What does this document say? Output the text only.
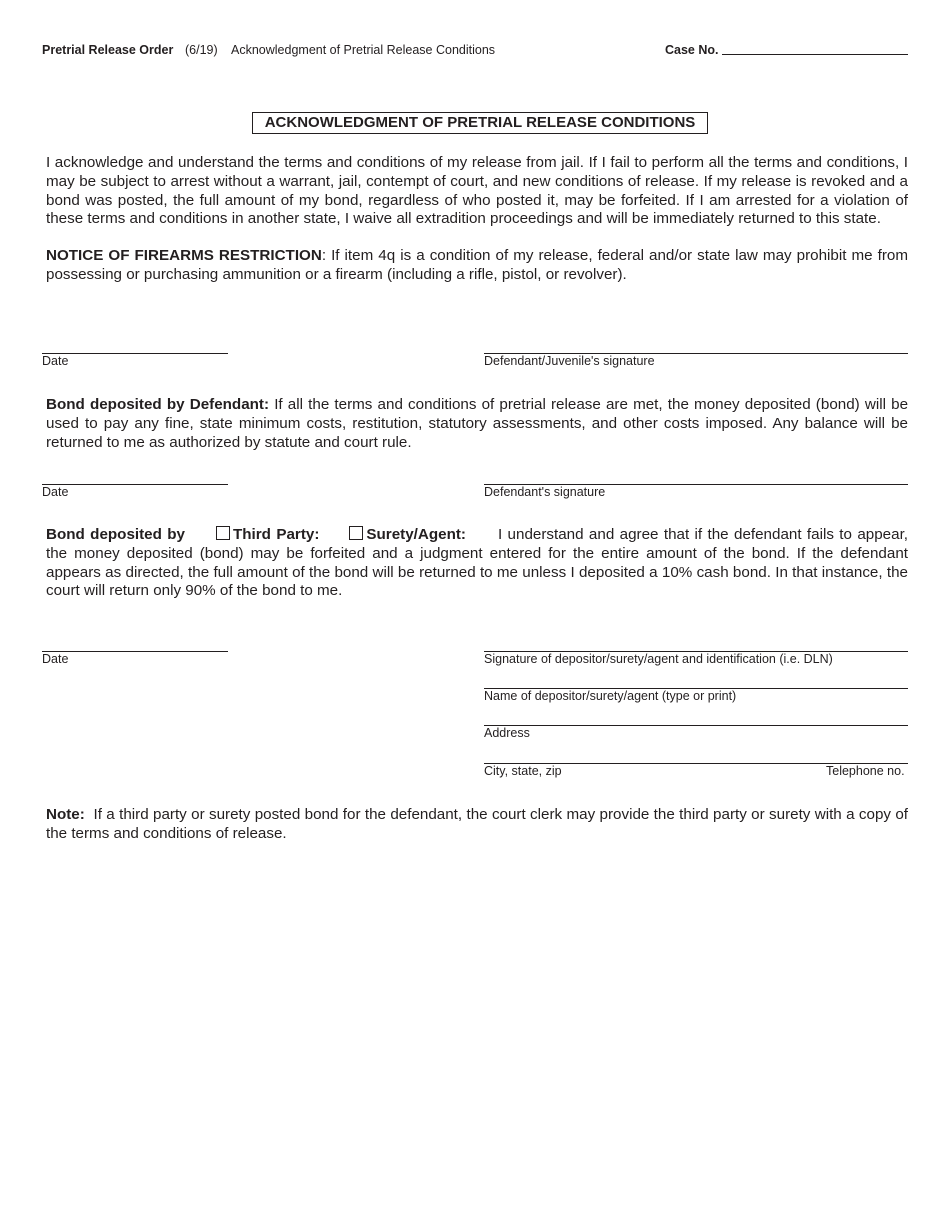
Pretrial Release Order (6/19) Acknowledgment of Pretrial Release Conditions	Case No.
ACKNOWLEDGMENT OF PRETRIAL RELEASE CONDITIONS
I acknowledge and understand the terms and conditions of my release from jail. If I fail to perform all the terms and conditions, I may be subject to arrest without a warrant, jail, contempt of court, and new conditions of release. If my release is revoked and a bond was posted, the full amount of my bond, regardless of who posted it, may be forfeited. If I am arrested for a violation of these terms and conditions in another state, I waive all extradition proceedings and will be immediately returned to this state.
NOTICE OF FIREARMS RESTRICTION: If item 4q is a condition of my release, federal and/or state law may prohibit me from possessing or purchasing ammunition or a firearm (including a rifle, pistol, or revolver).
Date	Defendant/Juvenile's signature
Bond deposited by Defendant: If all the terms and conditions of pretrial release are met, the money deposited (bond) will be used to pay any fine, state minimum costs, restitution, statutory assessments, and other costs imposed. Any balance will be returned to me as authorized by statute and court rule.
Date	Defendant's signature
Bond deposited by	Third Party:	Surety/Agent: I understand and agree that if the defendant fails to appear, the money deposited (bond) may be forfeited and a judgment entered for the entire amount of the bond. If the defendant appears as directed, the full amount of the bond will be returned to me unless I deposited a 10% cash bond. In that instance, the court will return only 90% of the bond to me.
Date	Signature of depositor/surety/agent and identification (i.e. DLN)
Name of depositor/surety/agent (type or print)
Address
City, state, zip	Telephone no.
Note:  If a third party or surety posted bond for the defendant, the court clerk may provide the third party or surety with a copy of the terms and conditions of release.
